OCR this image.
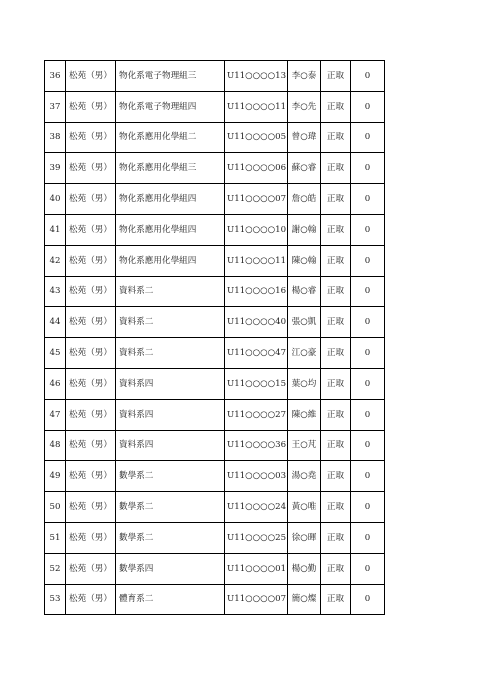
36	松苑（男）	物化系電子物理組三	U11○○○○13	李○泰	正取	0
37	松苑（男）	物化系電子物理組四	U11○○○○11	李○先	正取	0
38	松苑（男）	物化系應用化學組二	U11○○○○05	曾○瑋	正取	0
39	松苑（男）	物化系應用化學組三	U11○○○○06	蘇○睿	正取	0
40	松苑（男）	物化系應用化學組四	U11○○○○07	詹○皓	正取	0
41	松苑（男）	物化系應用化學組四	U11○○○○10	謝○翰	正取	0
42	松苑（男）	物化系應用化學組四	U11○○○○11	陳○翰	正取	0
43	松苑（男）	資料系二	U11○○○○16	楊○睿	正取	0
44	松苑（男）	資料系二	U11○○○○40	張○凱	正取	0
45	松苑（男）	資料系二	U11○○○○47	江○豪	正取	0
46	松苑（男）	資料系四	U11○○○○15	葉○均	正取	0
47	松苑（男）	資料系四	U11○○○○27	陳○維	正取	0
48	松苑（男）	資料系四	U11○○○○36	王○芃	正取	0
49	松苑（男）	數學系二	U11○○○○03	湯○堯	正取	0
50	松苑（男）	數學系二	U11○○○○24	黃○唯	正取	0
51	松苑（男）	數學系二	U11○○○○25	徐○暉	正取	0
52	松苑（男）	數學系四	U11○○○○01	楊○勤	正取	0
53	松苑（男）	體育系二	U11○○○○07	簡○燦	正取	0
